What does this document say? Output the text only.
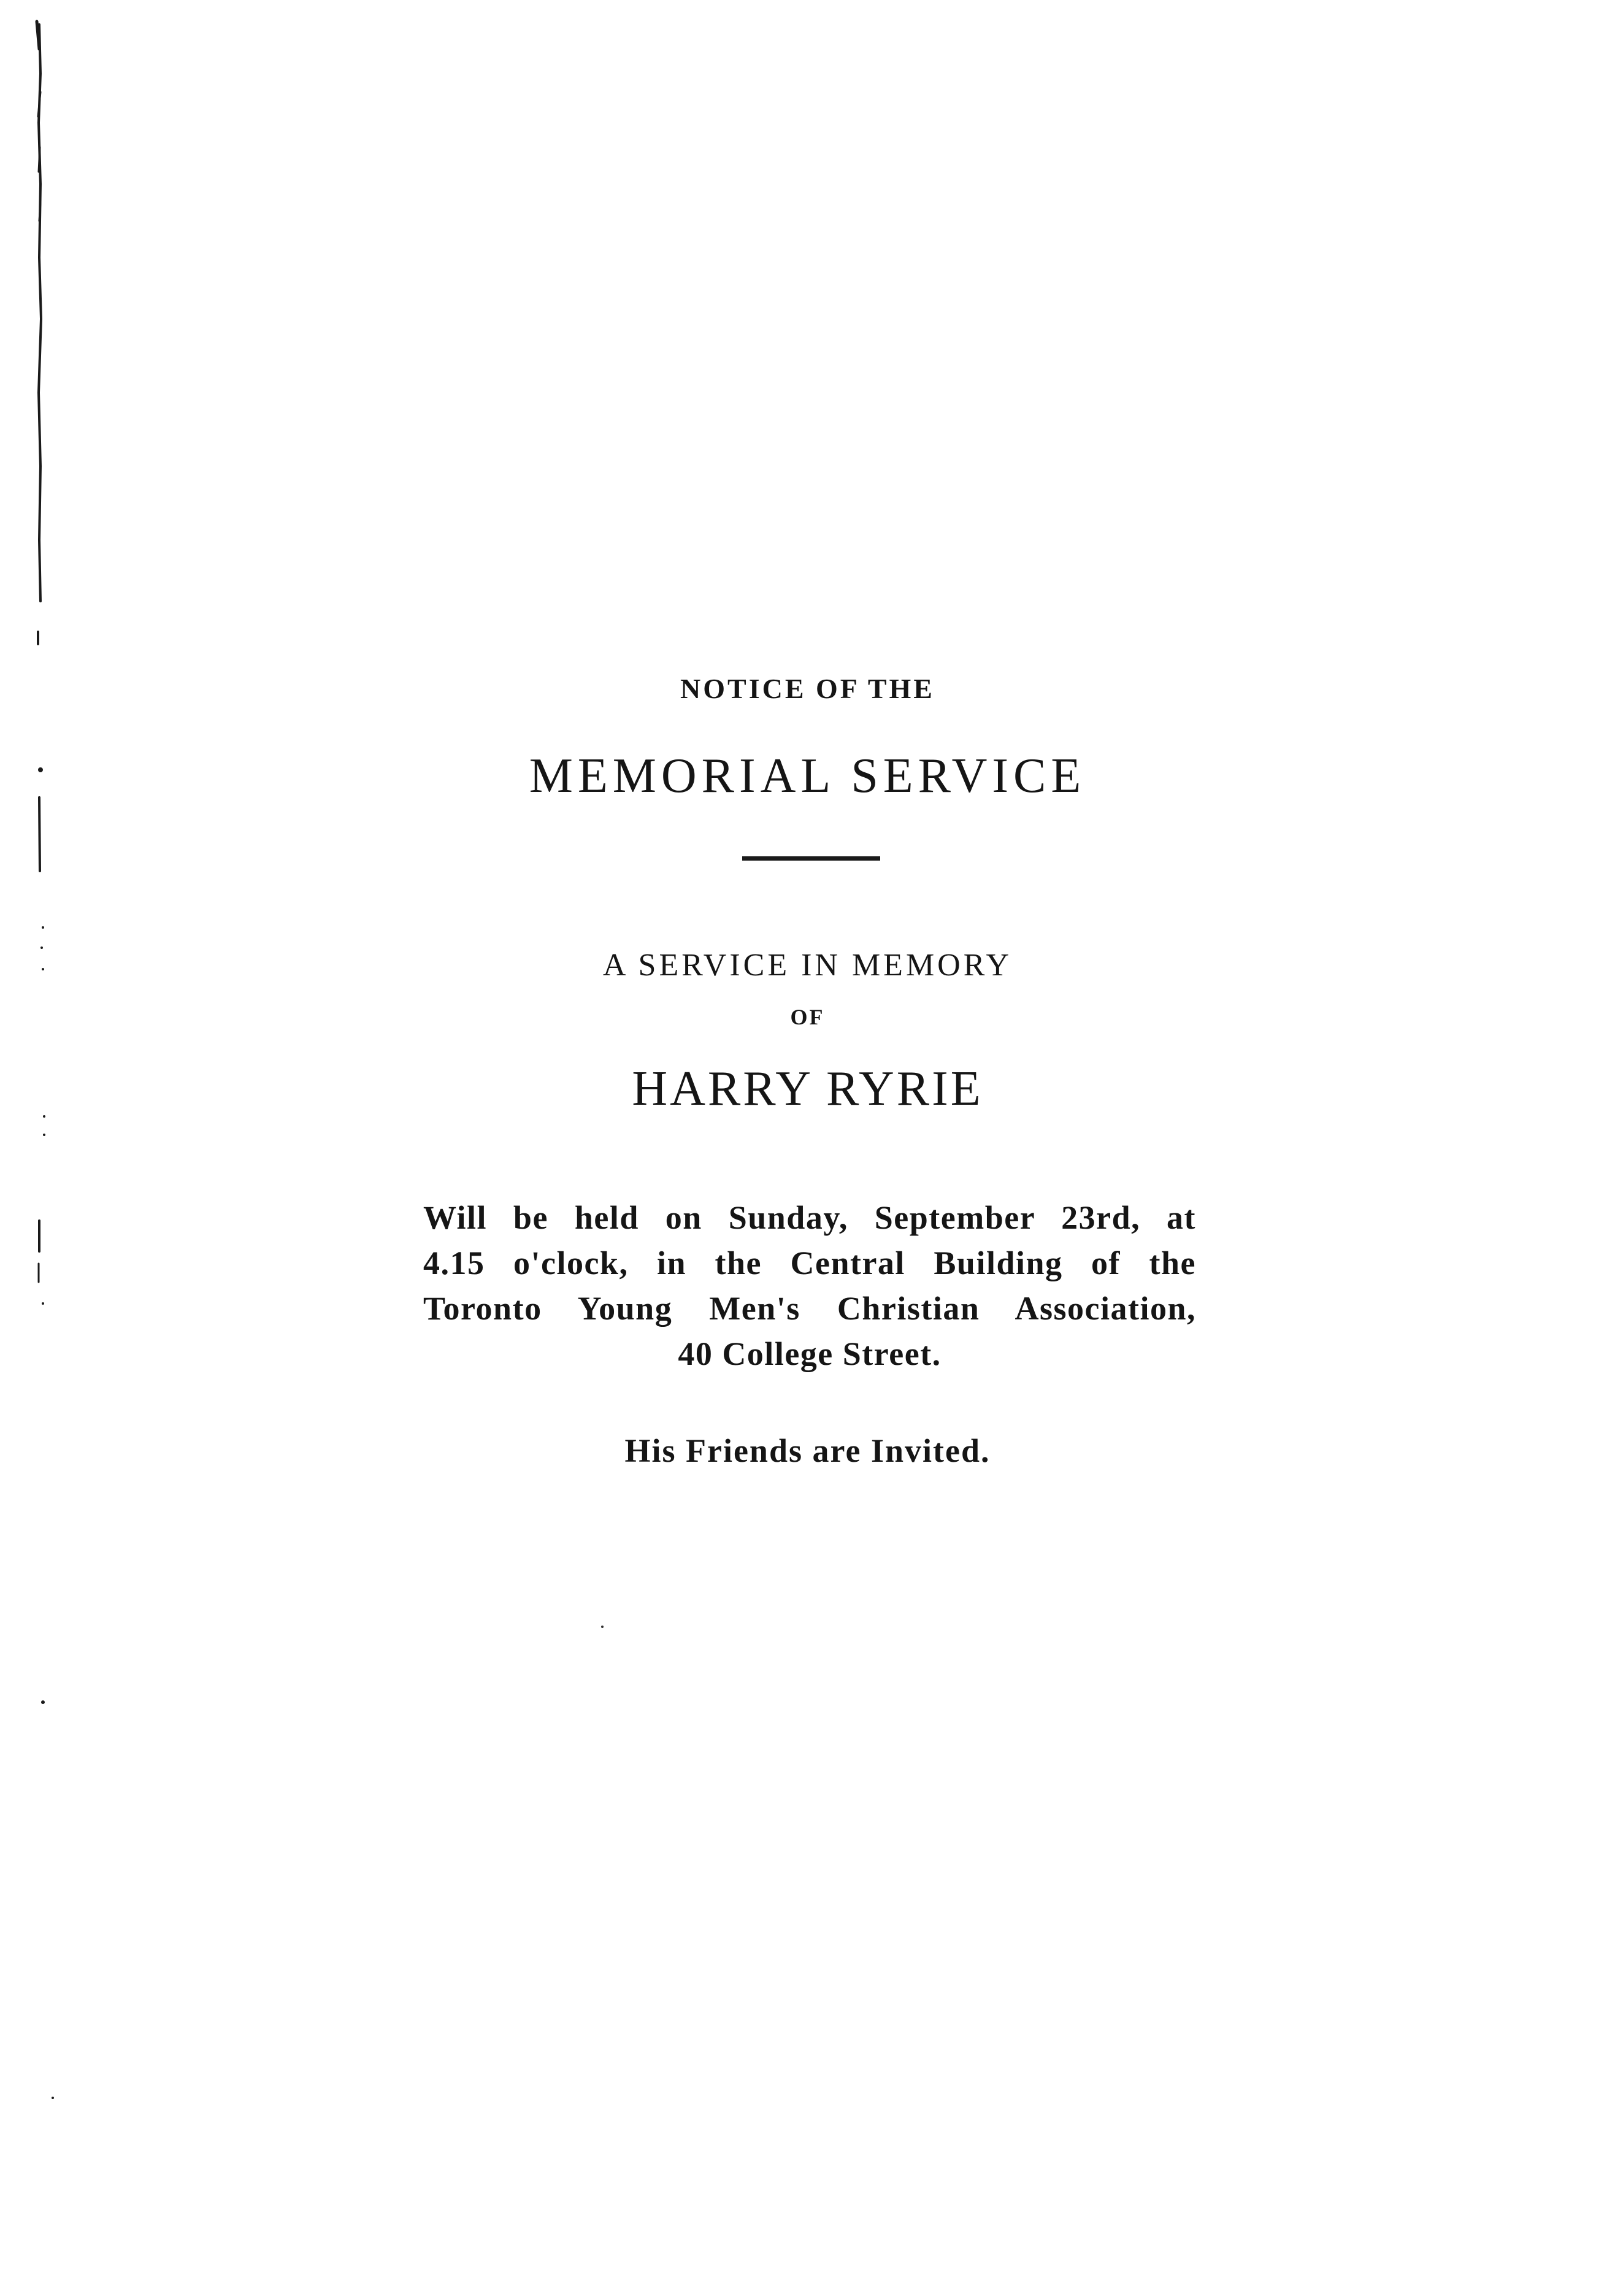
NOTICE OF THE
MEMORIAL SERVICE
A SERVICE IN MEMORY
OF
HARRY RYRIE
Will be held on Sunday, September 23rd, at
4.15 o'clock, in the Central Building of the
Toronto Young Men's Christian Association,
40 College Street.
His Friends are Invited.
